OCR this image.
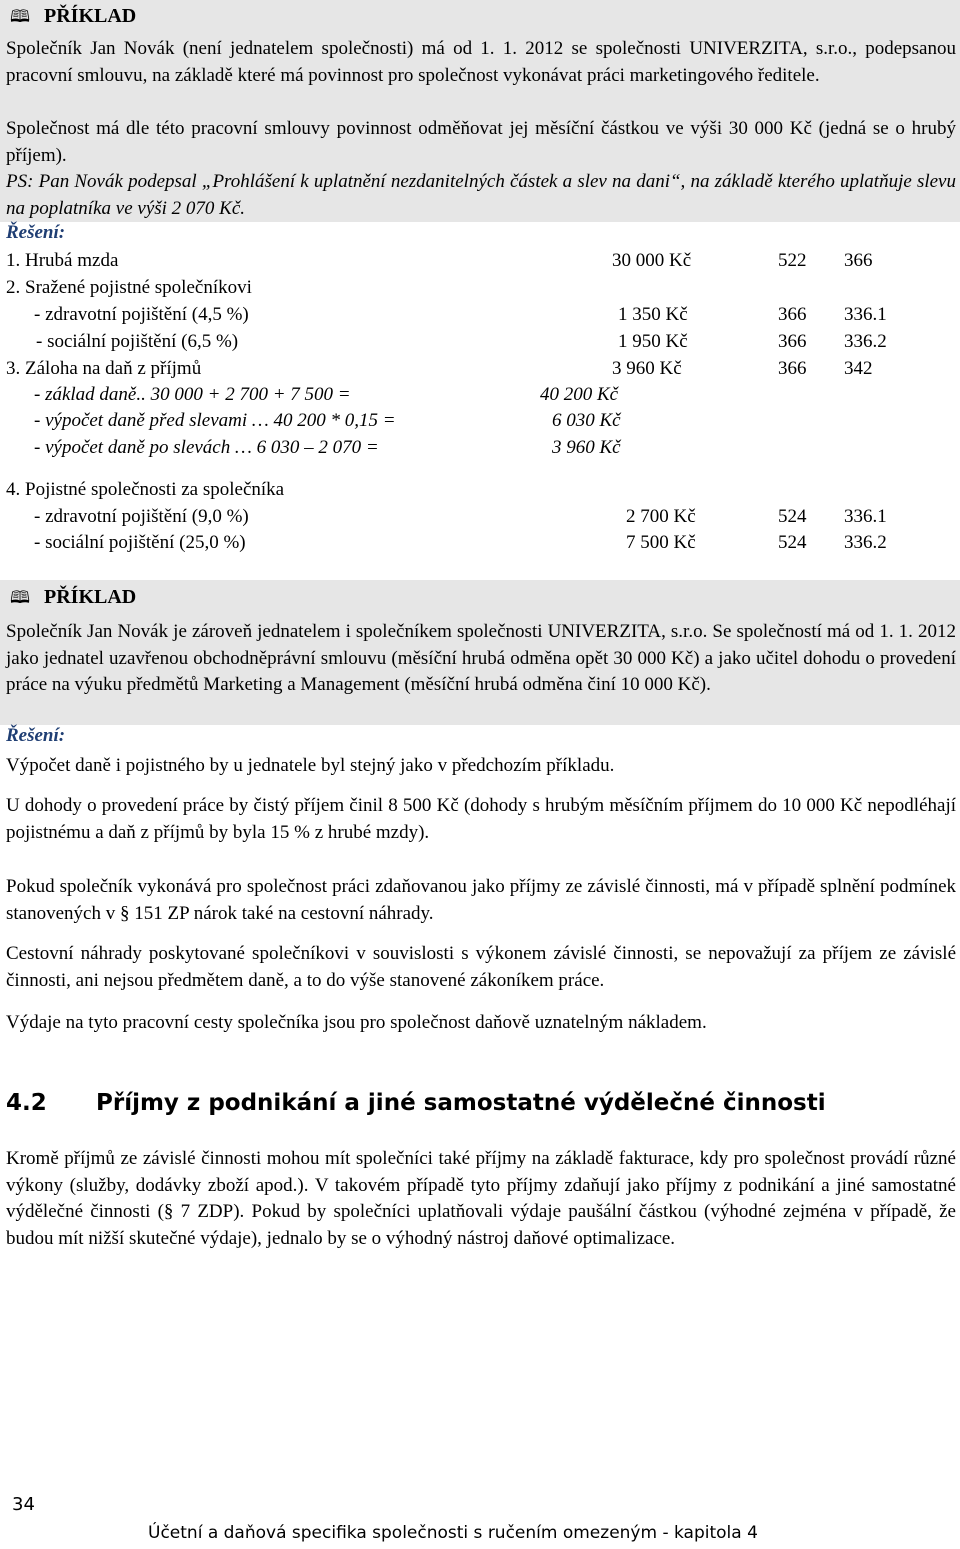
🕮 PŘÍKLAD
Společník Jan Novák (není jednatelem společnosti) má od 1. 1. 2012 se společnosti UNIVERZITA, s.r.o., podepsanou pracovní smlouvu, na základě které má povinnost pro společnost vykonávat práci marketingového ředitele.
Společnost má dle této pracovní smlouvy povinnost odměňovat jej měsíční částkou ve výši 30 000 Kč (jedná se o hrubý příjem).
PS: Pan Novák podepsal „Prohlášení k uplatnění nezdanitelných částek a slev na dani“, na základě kterého uplatňuje slevu na poplatníka ve výši 2 070 Kč.
Řešení:
1. Hrubá mzda	30 000 Kč	522 366
2. Sražené pojistné společníkovi
- zdravotní pojištění (4,5 %)	1 350 Kč	366 336.1
- sociální pojištění (6,5 %)	1 950 Kč	366 336.2
3. Záloha na daň z příjmů	3 960 Kč	366 342
- základ daně.. 30 000 + 2 700 + 7 500 =	40 200 Kč
- výpočet daně před slevami … 40 200 * 0,15 =	6 030 Kč
- výpočet daně po slevách … 6 030 – 2 070 =	3 960 Kč
4. Pojistné společnosti za společníka
- zdravotní pojištění (9,0 %)	2 700 Kč	524 336.1
- sociální pojištění (25,0 %)	7 500 Kč	524 336.2
🕮 PŘÍKLAD
Společník Jan Novák je zároveň jednatelem i společníkem společnosti UNIVERZITA, s.r.o. Se společností má od 1. 1. 2012 jako jednatel uzavřenou obchodněprávní smlouvu (měsíční hrubá odměna opět 30 000 Kč) a jako učitel dohodu o provedení práce na výuku předmětů Marketing a Management (měsíční hrubá odměna činí 10 000 Kč).
Řešení:
Výpočet daně i pojistného by u jednatele byl stejný jako v předchozím příkladu.
U dohody o provedení práce by čistý příjem činil 8 500 Kč (dohody s hrubým měsíčním příjmem do 10 000 Kč nepodléhají pojistnému a daň z příjmů by byla 15 % z hrubé mzdy).
Pokud společník vykonává pro společnost práci zdaňovanou jako příjmy ze závislé činnosti, má v případě splnění podmínek stanovených v § 151 ZP nárok také na cestovní náhrady.
Cestovní náhrady poskytované společníkovi v souvislosti s výkonem závislé činnosti, se nepovažují za příjem ze závislé činnosti, ani nejsou předmětem daně, a to do výše stanovené zákoníkem práce.
Výdaje na tyto pracovní cesty společníka jsou pro společnost daňově uznatelným nákladem.
4.2 Příjmy z podnikání a jiné samostatné výdělečné činnosti
Kromě příjmů ze závislé činnosti mohou mít společníci také příjmy na základě fakturace, kdy pro společnost provádí různé výkony (služby, dodávky zboží apod.). V takovém případě tyto příjmy zdaňují jako příjmy z podnikání a jiné samostatné výdělečné činnosti (§ 7 ZDP). Pokud by společníci uplatňovali výdaje paušální částkou (výhodné zejména v případě, že budou mít nižší skutečné výdaje), jednalo by se o výhodný nástroj daňové optimalizace.
34
Účetní a daňová specifika společnosti s ručením omezeným - kapitola 4
